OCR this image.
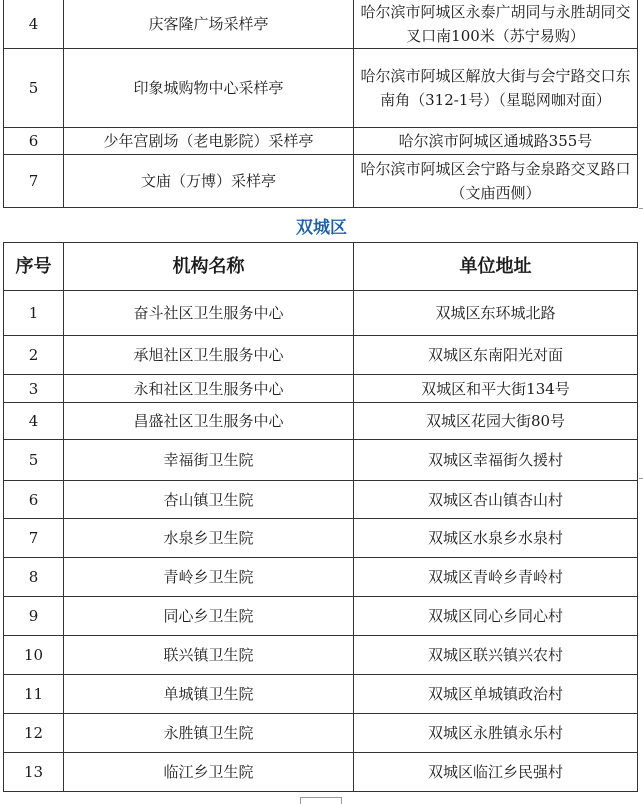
4	庆客隆广场采样亭	哈尔滨市阿城区永泰广胡同与永胜胡同交叉口南100米（苏宁易购）
5	印象城购物中心采样亭	哈尔滨市阿城区解放大街与会宁路交口东南角（312-1号）（星聪网咖对面）
6	少年宫剧场（老电影院）采样亭	哈尔滨市阿城区通城路355号
7	文庙（万博）采样亭	哈尔滨市阿城区会宁路与金泉路交叉路口（文庙西侧）
双城区
序号	机构名称	单位地址
1	奋斗社区卫生服务中心	双城区东环城北路
2	承旭社区卫生服务中心	双城区东南阳光对面
3	永和社区卫生服务中心	双城区和平大街134号
4	昌盛社区卫生服务中心	双城区花园大街80号
5	幸福街卫生院	双城区幸福街久援村
6	杏山镇卫生院	双城区杏山镇杏山村
7	水泉乡卫生院	双城区水泉乡水泉村
8	青岭乡卫生院	双城区青岭乡青岭村
9	同心乡卫生院	双城区同心乡同心村
10	联兴镇卫生院	双城区联兴镇兴农村
11	单城镇卫生院	双城区单城镇政治村
12	永胜镇卫生院	双城区永胜镇永乐村
13	临江乡卫生院	双城区临江乡民强村
